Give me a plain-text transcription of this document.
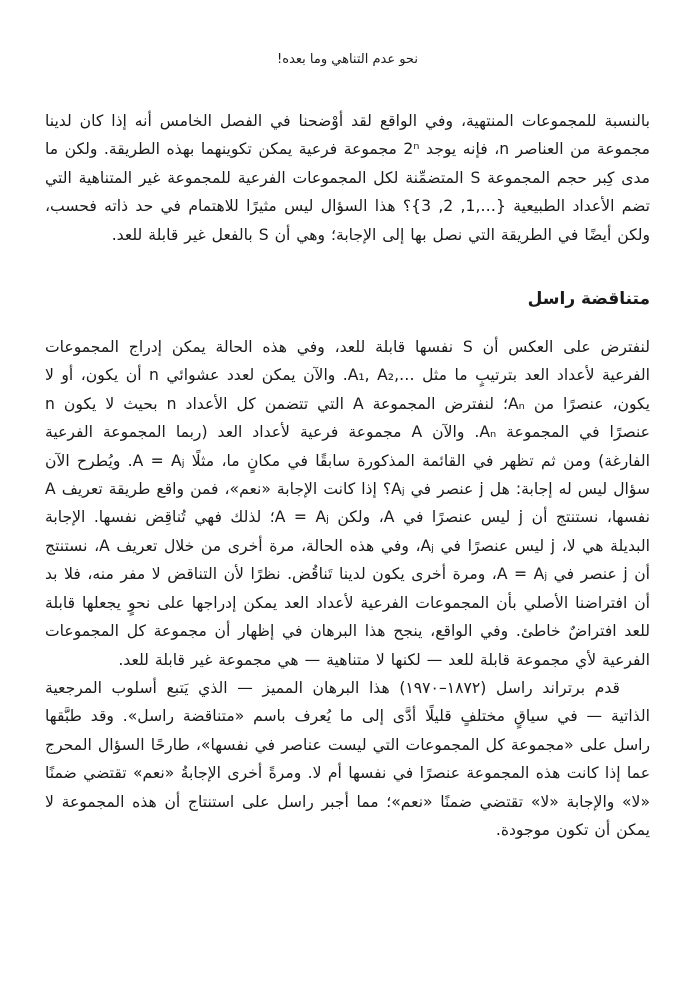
نحو عدم التناهي وما بعده!

بالنسبة للمجموعات المنتهية، وفي الواقع لقد أوْضحنا في الفصل الخامس أنه إذا كان لدينا مجموعة من العناصر n، فإنه يوجد 2ⁿ مجموعة فرعية يمكن تكوينهما بهذه الطريقة. ولكن ما مدى كِبر حجم المجموعة S المتضمِّنة لكل المجموعات الفرعية للمجموعة غير المتناهية التي تضم الأعداد الطبيعية {…,1, 2, 3}؟ هذا السؤال ليس مثيرًا للاهتمام في حد ذاته فحسب، ولكن أيضًا في الطريقة التي نصل بها إلى الإجابة؛ وهي أن S بالفعل غير قابلة للعد.

متناقضة راسل

لنفترض على العكس أن S نفسها قابلة للعد، وفي هذه الحالة يمكن إدراج المجموعات الفرعية لأعداد العد بترتيبٍ ما مثل …,A₁, A₂. والآن يمكن لعدد عشوائي n أن يكون، أو لا يكون، عنصرًا من Aₙ؛ لنفترض المجموعة A التي تتضمن كل الأعداد n بحيث لا يكون n عنصرًا في المجموعة Aₙ. والآن A مجموعة فرعية لأعداد العد (ربما المجموعة الفرعية الفارغة) ومن ثم تظهر في القائمة المذكورة سابقًا في مكانٍ ما، مثلًا A = Aⱼ. ويُطرح الآن سؤال ليس له إجابة: هل j عنصر في Aⱼ؟ إذا كانت الإجابة «نعم»، فمن واقع طريقة تعريف A نفسها، نستنتج أن j ليس عنصرًا في A، ولكن A = Aⱼ؛ لذلك فهي تُناقِض نفسها. الإجابة البديلة هي لا، j ليس عنصرًا في Aⱼ، وفي هذه الحالة، مرة أخرى من خلال تعريف A، نستنتج أن j عنصر في A = Aⱼ، ومرة أخرى يكون لدينا تَناقُض. نظرًا لأن التناقض لا مفر منه، فلا بد أن افتراضنا الأصلي بأن المجموعات الفرعية لأعداد العد يمكن إدراجها على نحوٍ يجعلها قابلة للعد افتراضٌ خاطئ. وفي الواقع، ينجح هذا البرهان في إظهار أن مجموعة كل المجموعات الفرعية لأي مجموعة قابلة للعد — لكنها لا متناهية — هي مجموعة غير قابلة للعد.

قدم برتراند راسل (١٨٧٢–١٩٧٠) هذا البرهان المميز — الذي يَتبع أسلوب المرجعية الذاتية — في سياقٍ مختلفٍ قليلًا أدَّى إلى ما يُعرف باسم «متناقضة راسل». وقد طبَّقها راسل على «مجموعة كل المجموعات التي ليست عناصر في نفسها»، طارحًا السؤال المحرج عما إذا كانت هذه المجموعة عنصرًا في نفسها أم لا. ومرةً أخرى الإجابةُ «نعم» تقتضي ضمنًا «لا» والإجابة «لا» تقتضي ضمنًا «نعم»؛ مما أجبر راسل على استنتاج أن هذه المجموعة لا يمكن أن تكون موجودة.
